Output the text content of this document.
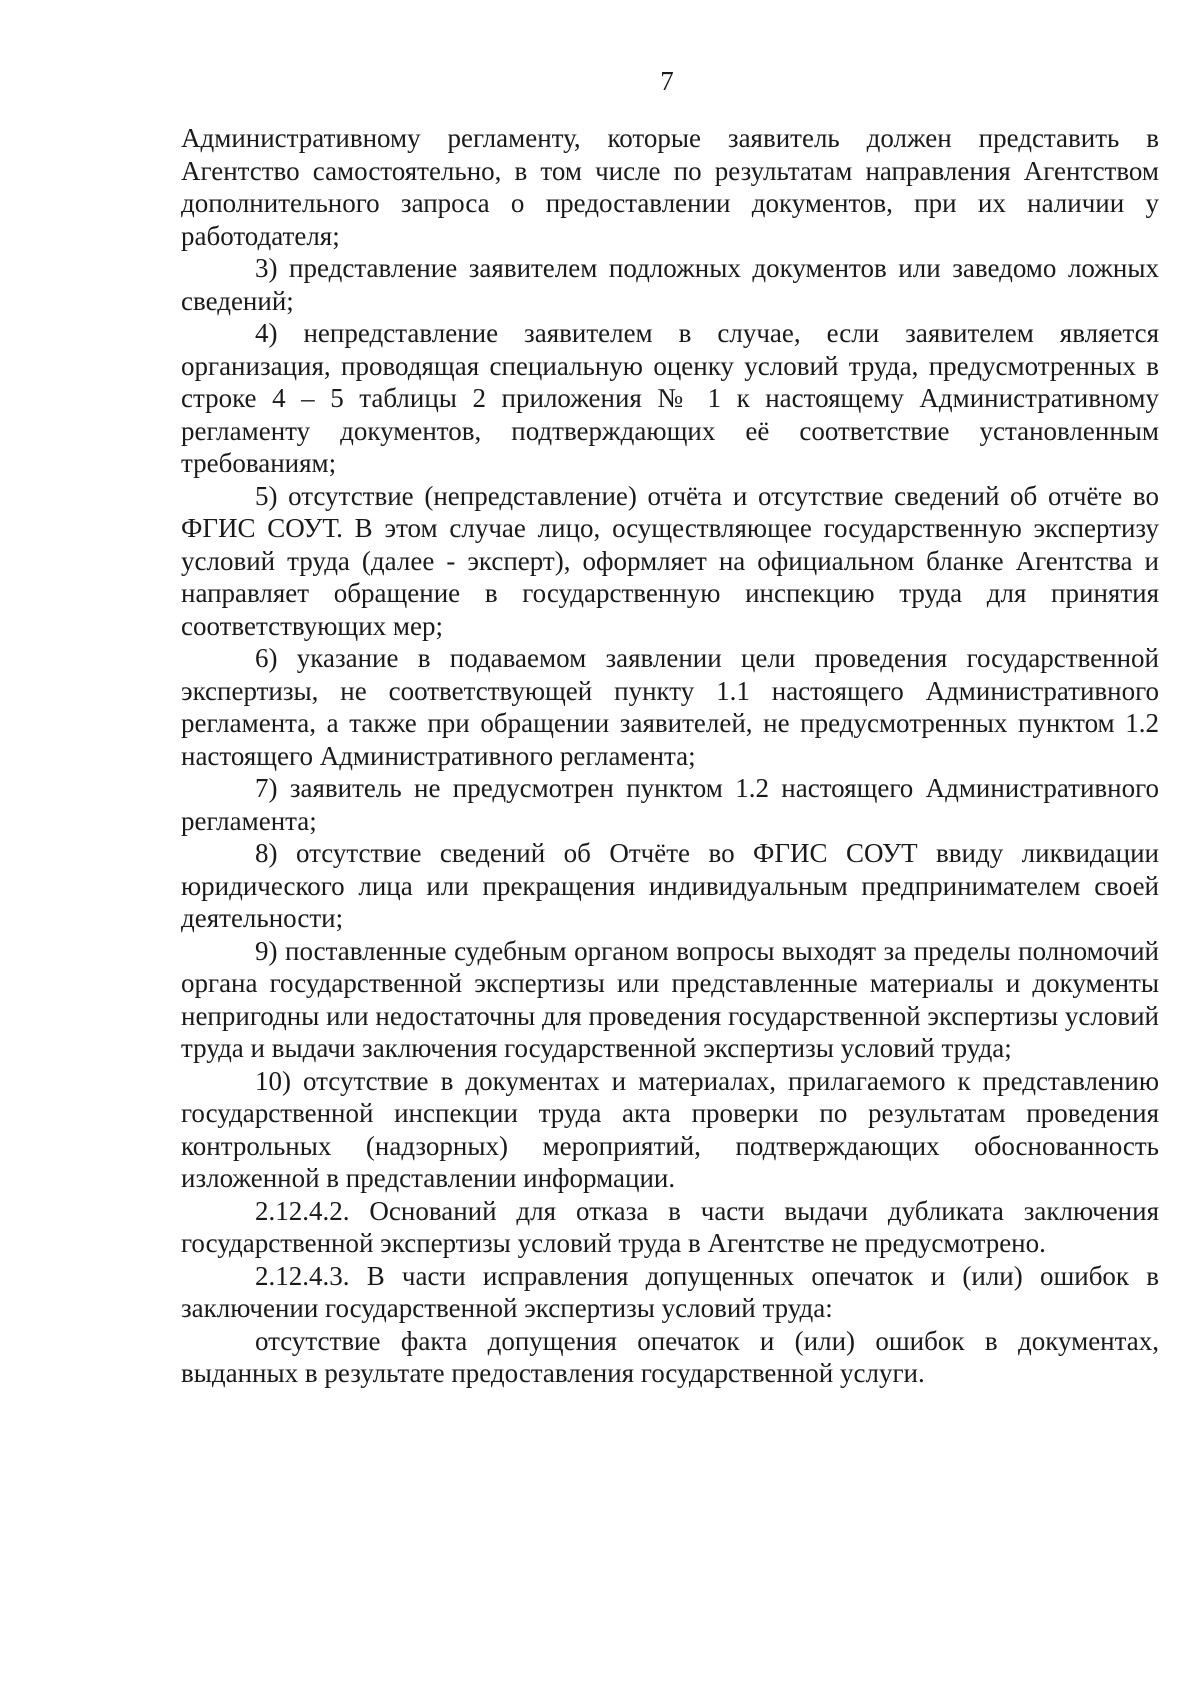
7

Административному регламенту, которые заявитель должен представить в Агентство самостоятельно, в том числе по результатам направления Агентством дополнительного запроса о предоставлении документов, при их наличии у работодателя;

3) представление заявителем подложных документов или заведомо ложных сведений;

4) непредставление заявителем в случае, если заявителем является организация, проводящая специальную оценку условий труда, предусмотренных в строке 4 – 5 таблицы 2 приложения № 1 к настоящему Административному регламенту документов, подтверждающих её соответствие установленным требованиям;

5) отсутствие (непредставление) отчёта и отсутствие сведений об отчёте во ФГИС СОУТ. В этом случае лицо, осуществляющее государственную экспертизу условий труда (далее - эксперт), оформляет на официальном бланке Агентства и направляет обращение в государственную инспекцию труда для принятия соответствующих мер;

6) указание в подаваемом заявлении цели проведения государственной экспертизы, не соответствующей пункту 1.1 настоящего Административного регламента, а также при обращении заявителей, не предусмотренных пунктом 1.2 настоящего Административного регламента;

7) заявитель не предусмотрен пунктом 1.2 настоящего Административного регламента;

8) отсутствие сведений об Отчёте во ФГИС СОУТ ввиду ликвидации юридического лица или прекращения индивидуальным предпринимателем своей деятельности;

9) поставленные судебным органом вопросы выходят за пределы полномочий органа государственной экспертизы или представленные материалы и документы непригодны или недостаточны для проведения государственной экспертизы условий труда и выдачи заключения государственной экспертизы условий труда;

10) отсутствие в документах и материалах, прилагаемого к представлению государственной инспекции труда акта проверки по результатам проведения контрольных (надзорных) мероприятий, подтверждающих обоснованность изложенной в представлении информации.

2.12.4.2. Оснований для отказа в части выдачи дубликата заключения государственной экспертизы условий труда в Агентстве не предусмотрено.

2.12.4.3. В части исправления допущенных опечаток и (или) ошибок в заключении государственной экспертизы условий труда:

отсутствие факта допущения опечаток и (или) ошибок в документах, выданных в результате предоставления государственной услуги.
